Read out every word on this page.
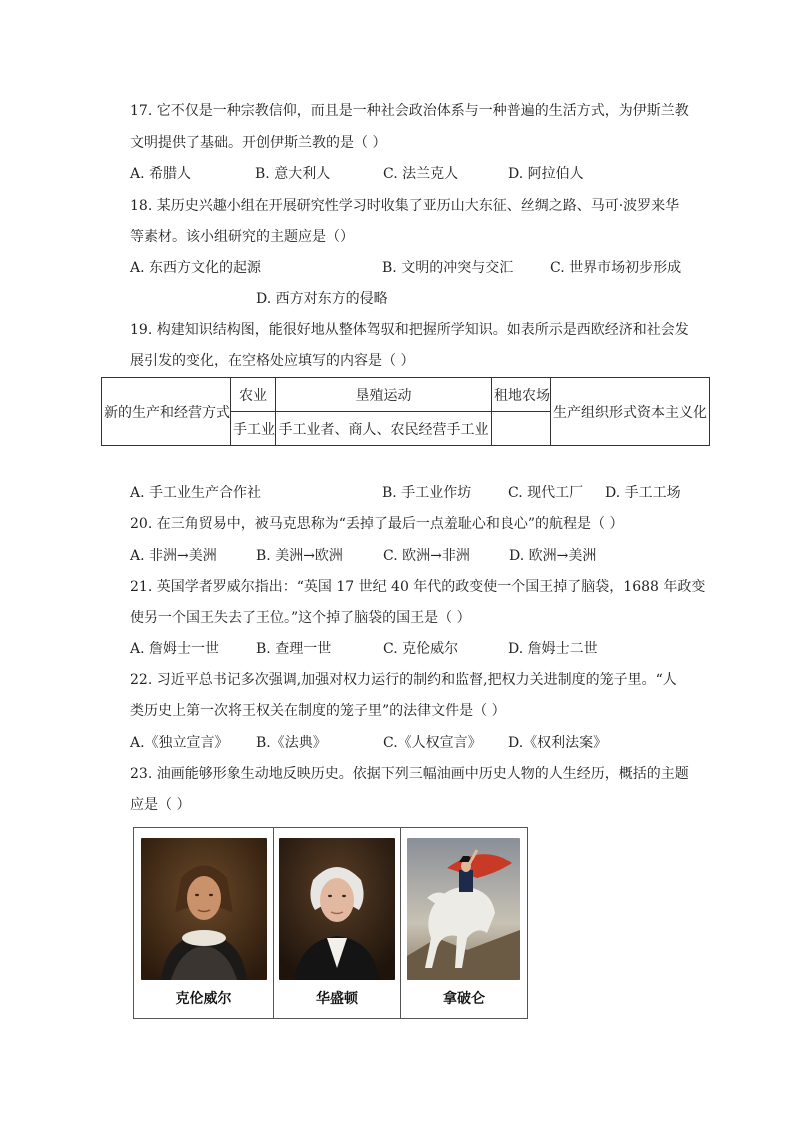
17. 它不仅是一种宗教信仰，而且是一种社会政治体系与一种普遍的生活方式，为伊斯兰教
文明提供了基础。开创伊斯兰教的是（ ）
A. 希腊人	B. 意大利人	C. 法兰克人	D. 阿拉伯人
18. 某历史兴趣小组在开展研究性学习时收集了亚历山大东征、丝绸之路、马可·波罗来华
等素材。该小组研究的主题应是（）
A. 东西方文化的起源	B. 文明的冲突与交汇	C. 世界市场初步形成
D. 西方对东方的侵略
19. 构建知识结构图，能很好地从整体驾驭和把握所学知识。如表所示是西欧经济和社会发
展引发的变化，在空格处应填写的内容是（ ）
新的生产和经营方式	农业	垦殖运动	租地农场	生产组织形式资本主义化
	手工业	手工业者、商人、农民经营手工业		
A. 手工业生产合作社	B. 手工业作坊	C. 现代工厂 D. 手工工场
20. 在三角贸易中，被马克思称为“丢掉了最后一点羞耻心和良心”的航程是（ ）
A. 非洲→美洲	B. 美洲→欧洲	C. 欧洲→非洲	D. 欧洲→美洲
21. 英国学者罗威尔指出：“英国 17 世纪 40 年代的政变使一个国王掉了脑袋，1688 年政变
使另一个国王失去了王位。”这个掉了脑袋的国王是（ ）
A. 詹姆士一世	B. 查理一世	C. 克伦威尔	D. 詹姆士二世
22. 习近平总书记多次强调,加强对权力运行的制约和监督,把权力关进制度的笼子里。“人
类历史上第一次将王权关在制度的笼子里”的法律文件是（ ）
A.《独立宣言》 B.《法典》	C.《人权宣言》 D.《权利法案》
23. 油画能够形象生动地反映历史。依据下列三幅油画中历史人物的人生经历，概括的主题
应是（ ）
克伦威尔	华盛顿	拿破仑
